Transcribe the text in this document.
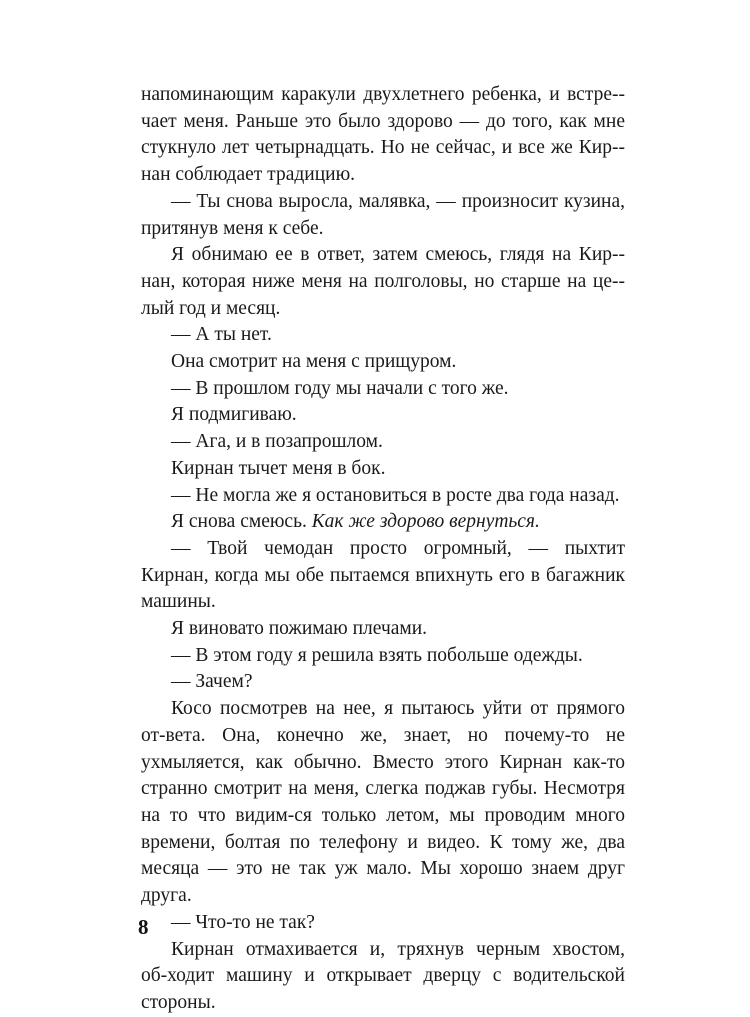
напоминающим каракули двухлетнего ребенка, и встре-чает меня. Раньше это было здорово — до того, как мне стукнуло лет четырнадцать. Но не сейчас, и все же Кир-нан соблюдает традицию.

— Ты снова выросла, малявка, — произносит кузина, притянув меня к себе.

Я обнимаю ее в ответ, затем смеюсь, глядя на Кир-нан, которая ниже меня на полголовы, но старше на це-лый год и месяц.

— А ты нет.

Она смотрит на меня с прищуром.

— В прошлом году мы начали с того же.

Я подмигиваю.

— Ага, и в позапрошлом.

Кирнан тычет меня в бок.

— Не могла же я остановиться в росте два года назад.

Я снова смеюсь. Как же здорово вернуться.

— Твой чемодан просто огромный, — пыхтит Кирнан, когда мы обе пытаемся впихнуть его в багажник машины.

Я виновато пожимаю плечами.

— В этом году я решила взять побольше одежды.

— Зачем?

Косо посмотрев на нее, я пытаюсь уйти от прямого от-вета. Она, конечно же, знает, но почему-то не ухмыляется, как обычно. Вместо этого Кирнан как-то странно смотрит на меня, слегка поджав губы. Несмотря на то что видим-ся только летом, мы проводим много времени, болтая по телефону и видео. К тому же, два месяца — это не так уж мало. Мы хорошо знаем друг друга.

— Что-то не так?

Кирнан отмахивается и, тряхнув черным хвостом, об-ходит машину и открывает дверцу с водительской стороны.

8
